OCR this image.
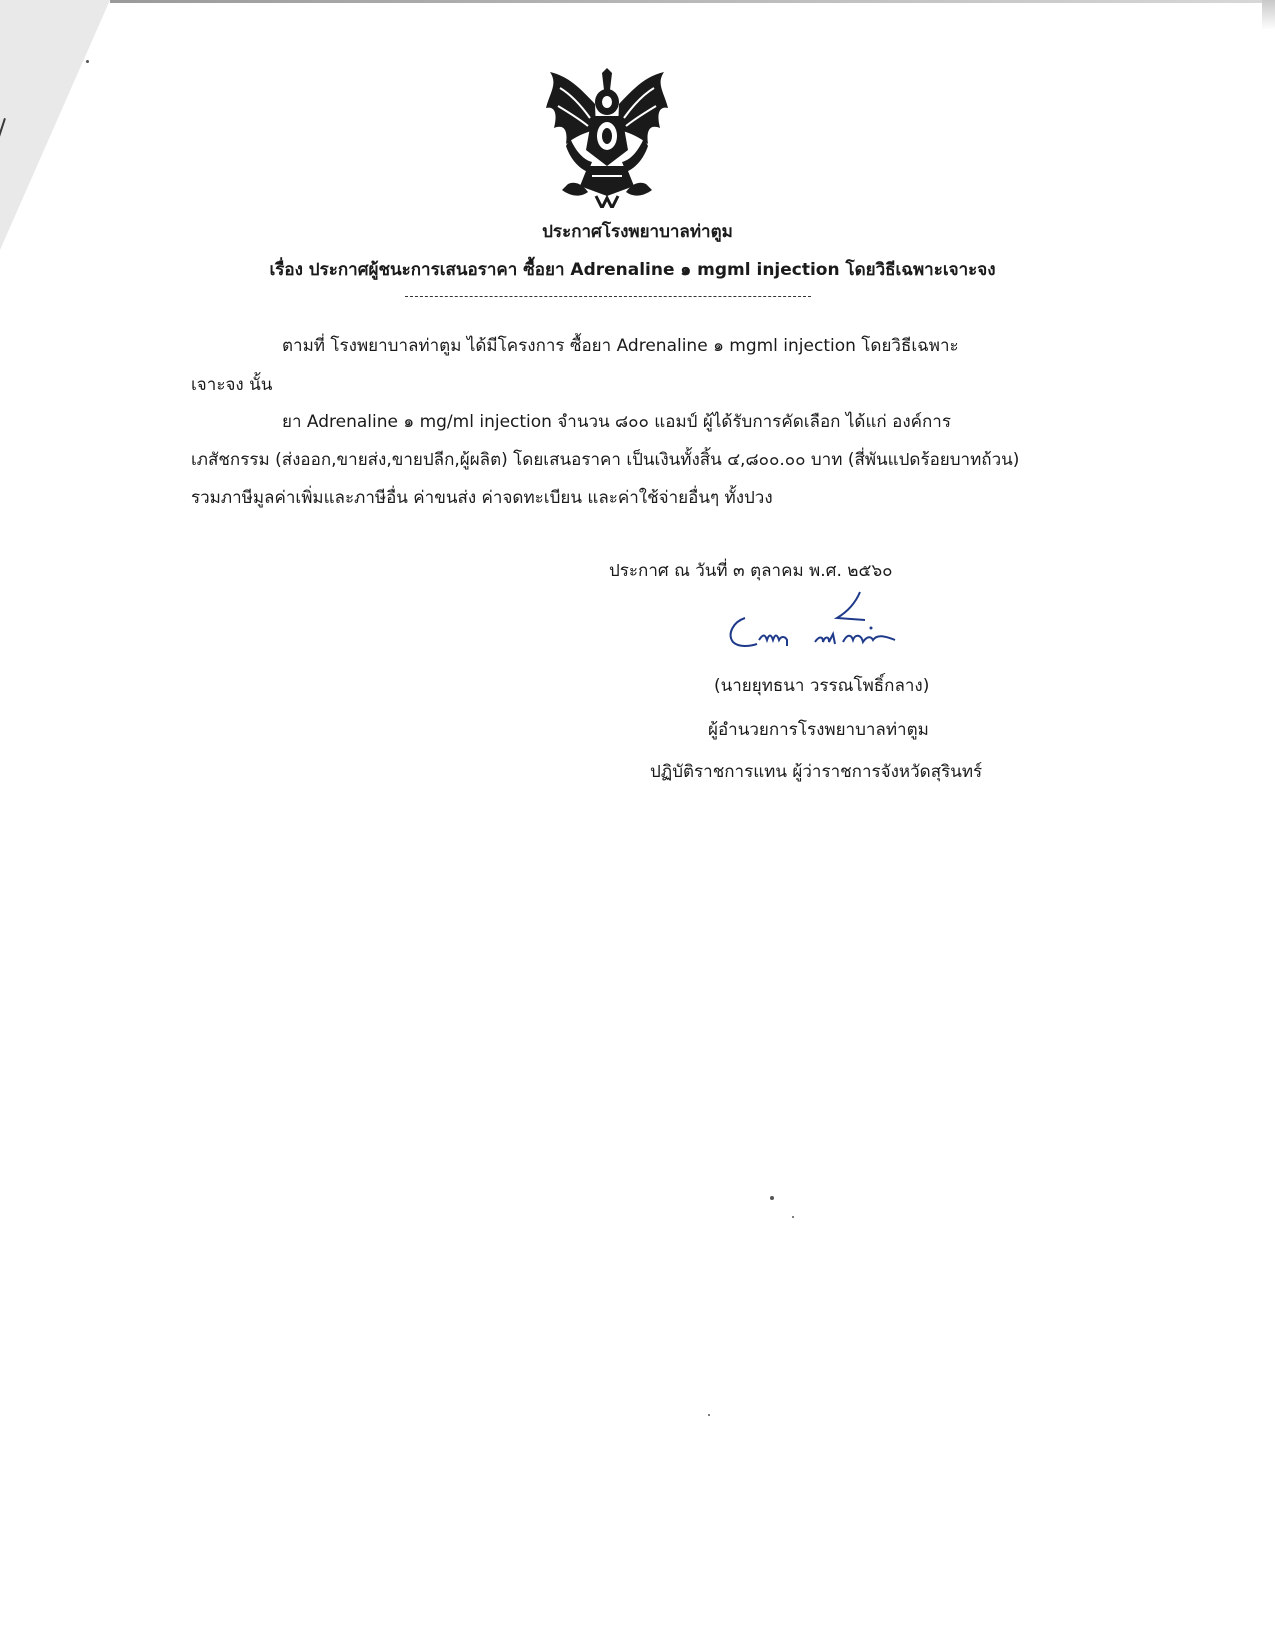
ประกาศโรงพยาบาลท่าตูม
เรื่อง ประกาศผู้ชนะการเสนอราคา ซื้อยา Adrenaline ๑ mgml injection โดยวิธีเฉพาะเจาะจง
ตามที่ โรงพยาบาลท่าตูม ได้มีโครงการ ซื้อยา Adrenaline ๑ mgml injection โดยวิธีเฉพาะ
เจาะจง นั้น
ยา Adrenaline ๑ mg/ml injection จำนวน ๘๐๐ แอมป์ ผู้ได้รับการคัดเลือก ได้แก่ องค์การ
เภสัชกรรม (ส่งออก,ขายส่ง,ขายปลีก,ผู้ผลิต) โดยเสนอราคา เป็นเงินทั้งสิ้น ๔,๘๐๐.๐๐ บาท (สี่พันแปดร้อยบาทถ้วน)
รวมภาษีมูลค่าเพิ่มและภาษีอื่น ค่าขนส่ง ค่าจดทะเบียน และค่าใช้จ่ายอื่นๆ ทั้งปวง
ประกาศ ณ วันที่ ๓ ตุลาคม พ.ศ. ๒๕๖๐
(นายยุทธนา วรรณโพธิ์กลาง)
ผู้อำนวยการโรงพยาบาลท่าตูม
ปฏิบัติราชการแทน ผู้ว่าราชการจังหวัดสุรินทร์
